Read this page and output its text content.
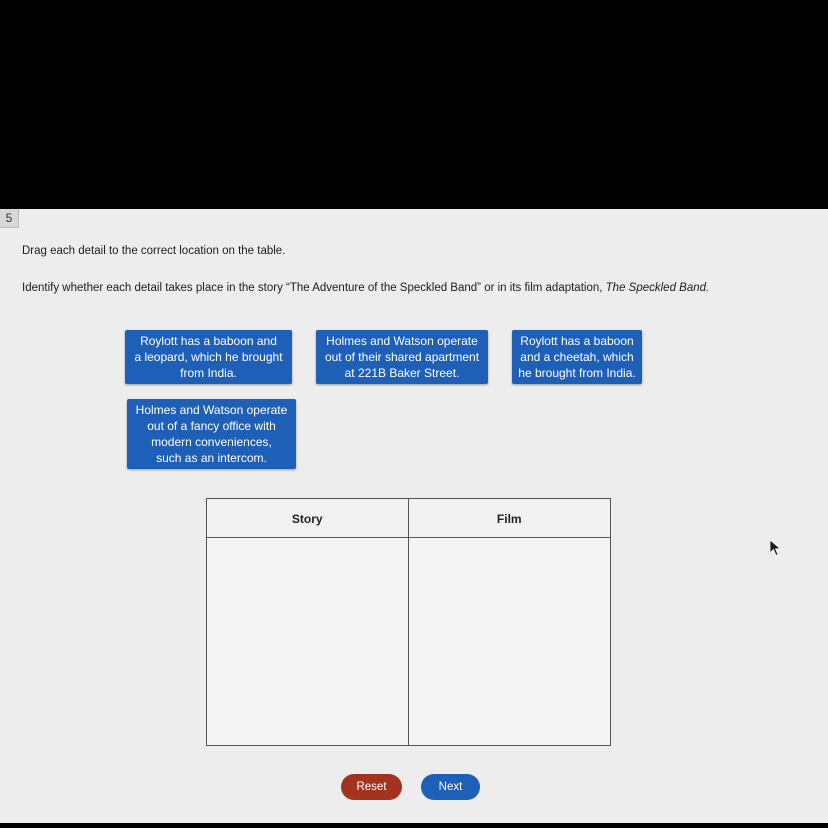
5
Drag each detail to the correct location on the table.
Identify whether each detail takes place in the story “The Adventure of the Speckled Band” or in its film adaptation, The Speckled Band.
Roylott has a baboon and
a leopard, which he brought
from India.
Holmes and Watson operate
out of their shared apartment
at 221B Baker Street.
Roylott has a baboon
and a cheetah, which
he brought from India.
Holmes and Watson operate
out of a fancy office with
modern conveniences,
such as an intercom.
Story	Film
Reset	Next
